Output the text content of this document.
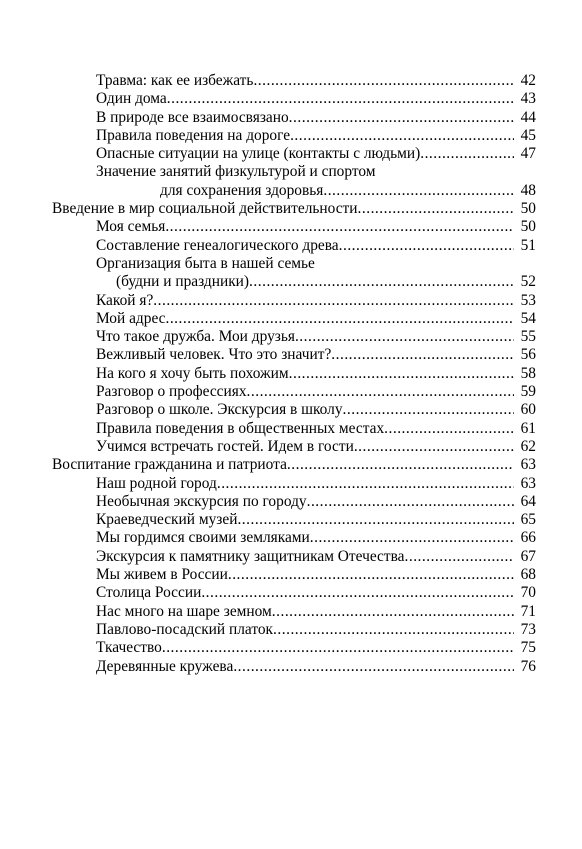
Травма: как ее избежать .....	42
Один дома .....	43
В природе все взаимосвязано .....	44
Правила поведения на дороге .....	45
Опасные ситуации на улице (контакты с людьми) .....	47
Значение занятий физкультурой и спортом
для сохранения здоровья .....	48
Введение в мир социальной действительности .....	50
Моя семья .....	50
Составление генеалогического древа .....	51
Организация быта в нашей семье
(будни и праздники) .....	52
Какой я? .....	53
Мой адрес .....	54
Что такое дружба. Мои друзья .....	55
Вежливый человек. Что это значит? .....	56
На кого я хочу быть похожим .....	58
Разговор о профессиях .....	59
Разговор о школе. Экскурсия в школу .....	60
Правила поведения в общественных местах .....	61
Учимся встречать гостей. Идем в гости .....	62
Воспитание гражданина и патриота .....	63
Наш родной город .....	63
Необычная экскурсия по городу .....	64
Краеведческий музей .....	65
Мы гордимся своими земляками .....	66
Экскурсия к памятнику защитникам Отечества .....	67
Мы живем в России .....	68
Столица России .....	70
Нас много на шаре земном .....	71
Павлово-посадский платок .....	73
Ткачество .....	75
Деревянные кружева .....	76
